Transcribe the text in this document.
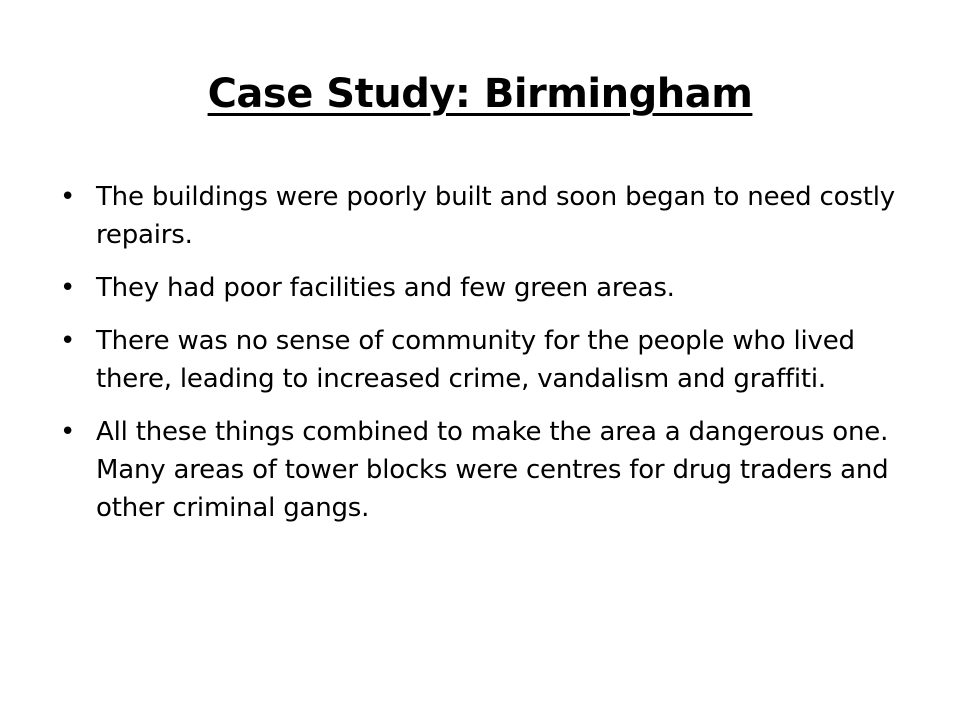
Case Study: Birmingham
• The buildings were poorly built and soon began to need costly repairs.
• They had poor facilities and few green areas.
• There was no sense of community for the people who lived there, leading to increased crime, vandalism and graffiti.
• All these things combined to make the area a dangerous one. Many areas of tower blocks were centres for drug traders and other criminal gangs.
